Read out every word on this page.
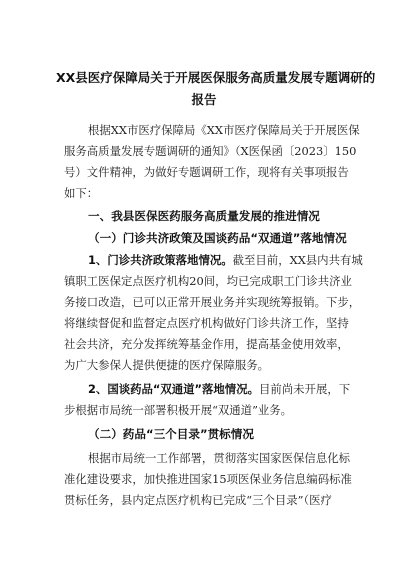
XX县医疗保障局关于开展医保服务高质量发展专题调研的
报告
根据XX市医疗保障局《XX市医疗保障局关于开展医保
服务高质量发展专题调研的通知》（X医保函〔2023〕150
号）文件精神，为做好专题调研工作，现将有关事项报告
如下：
一、我县医保医药服务高质量发展的推进情况
（一）门诊共济政策及国谈药品“双通道”落地情况
1、门诊共济政策落地情况。截至目前，XX县内共有城
镇职工医保定点医疗机构20间，均已完成职工门诊共济业
务接口改造，已可以正常开展业务并实现统筹报销。下步，
将继续督促和监督定点医疗机构做好门诊共济工作，坚持
社会共济，充分发挥统筹基金作用，提高基金使用效率，
为广大参保人提供便捷的医疗保障服务。
2、国谈药品“双通道”落地情况。目前尚未开展，下
步根据市局统一部署积极开展“双通道”业务。
（二）药品“三个目录”贯标情况
根据市局统一工作部署，贯彻落实国家医保信息化标
准化建设要求，加快推进国家15项医保业务信息编码标准
贯标任务，县内定点医疗机构已完成“三个目录”（医疗
